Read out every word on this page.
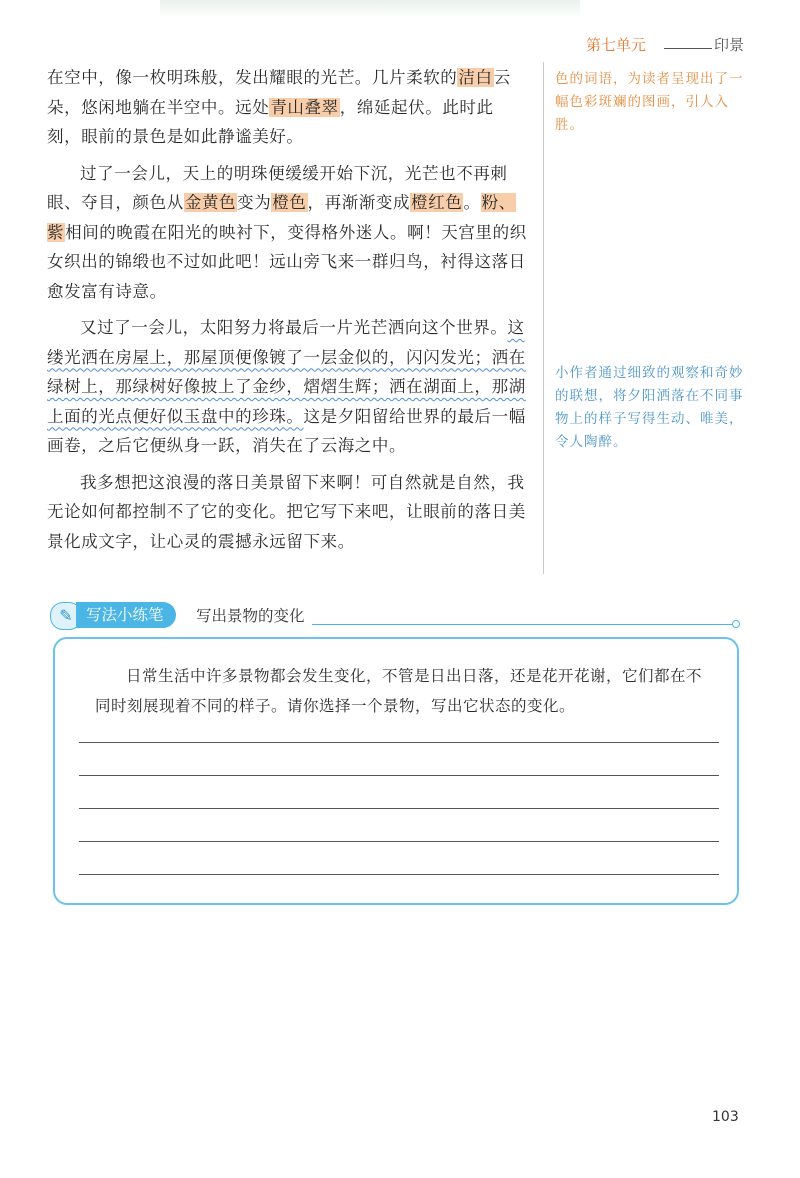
第七单元	印景

在空中，像一枚明珠般，发出耀眼的光芒。几片柔软的洁白云朵，悠闲地躺在半空中。远处青山叠翠，绵延起伏。此时此刻，眼前的景色是如此静谧美好。

过了一会儿，天上的明珠便缓缓开始下沉，光芒也不再刺眼、夺目，颜色从金黄色变为橙色，再渐渐变成橙红色。粉、紫相间的晚霞在阳光的映衬下，变得格外迷人。啊！天宫里的织女织出的锦缎也不过如此吧！远山旁飞来一群归鸟，衬得这落日愈发富有诗意。

又过了一会儿，太阳努力将最后一片光芒洒向这个世界。这缕光洒在房屋上，那屋顶便像镀了一层金似的，闪闪发光；洒在绿树上，那绿树好像披上了金纱，熠熠生辉；洒在湖面上，那湖上面的光点便好似玉盘中的珍珠。这是夕阳留给世界的最后一幅画卷，之后它便纵身一跃，消失在了云海之中。

我多想把这浪漫的落日美景留下来啊！可自然就是自然，我无论如何都控制不了它的变化。把它写下来吧，让眼前的落日美景化成文字，让心灵的震撼永远留下来。

色的词语，为读者呈现出了一幅色彩斑斓的图画，引人入胜。
小作者通过细致的观察和奇妙的联想，将夕阳洒落在不同事物上的样子写得生动、唯美，令人陶醉。
✎ 写法小练笔	写出景物的变化

日常生活中许多景物都会发生变化，不管是日出日落，还是花开花谢，它们都在不同时刻展现着不同的样子。请你选择一个景物，写出它状态的变化。

103
